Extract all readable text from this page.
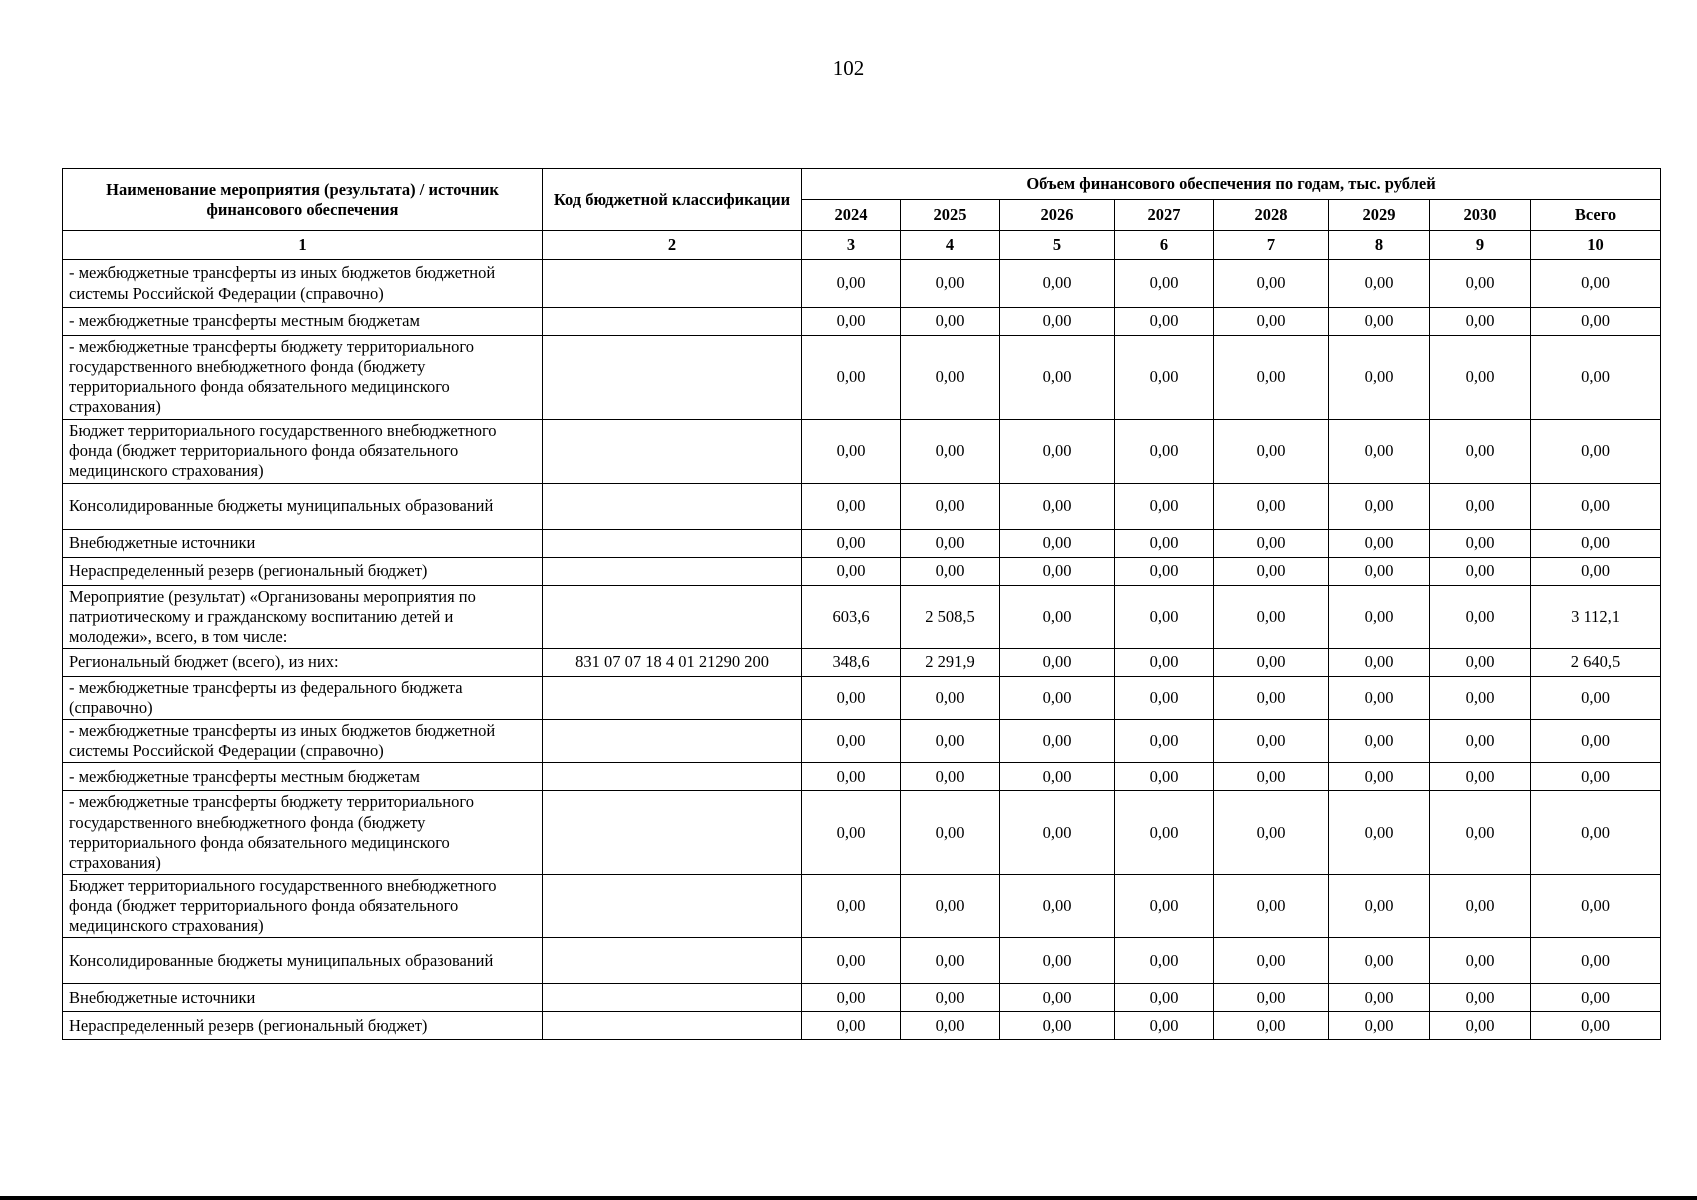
102
Наименование мероприятия (результата) / источник финансового обеспечения	Код бюджетной классификации	Объем финансового обеспечения по годам, тыс. рублей							
		2024	2025	2026	2027	2028	2029	2030	Всего
1	2	3	4	5	6	7	8	9	10
- межбюджетные трансферты из иных бюджетов бюджетной системы Российской Федерации (справочно)		0,00	0,00	0,00	0,00	0,00	0,00	0,00	0,00
- межбюджетные трансферты местным бюджетам		0,00	0,00	0,00	0,00	0,00	0,00	0,00	0,00
- межбюджетные трансферты бюджету территориального государственного внебюджетного фонда (бюджету территориального фонда обязательного медицинского страхования)		0,00	0,00	0,00	0,00	0,00	0,00	0,00	0,00
Бюджет территориального государственного внебюджетного фонда (бюджет территориального фонда обязательного медицинского страхования)		0,00	0,00	0,00	0,00	0,00	0,00	0,00	0,00
Консолидированные бюджеты муниципальных образований		0,00	0,00	0,00	0,00	0,00	0,00	0,00	0,00
Внебюджетные источники		0,00	0,00	0,00	0,00	0,00	0,00	0,00	0,00
Нераспределенный резерв (региональный бюджет)		0,00	0,00	0,00	0,00	0,00	0,00	0,00	0,00
Мероприятие (результат) «Организованы мероприятия по патриотическому и гражданскому воспитанию детей и молодежи», всего, в том числе:		603,6	2 508,5	0,00	0,00	0,00	0,00	0,00	3 112,1
Региональный бюджет (всего), из них:	831 07 07 18 4 01 21290 200	348,6	2 291,9	0,00	0,00	0,00	0,00	0,00	2 640,5
- межбюджетные трансферты из федерального бюджета (справочно)		0,00	0,00	0,00	0,00	0,00	0,00	0,00	0,00
- межбюджетные трансферты из иных бюджетов бюджетной системы Российской Федерации (справочно)		0,00	0,00	0,00	0,00	0,00	0,00	0,00	0,00
- межбюджетные трансферты местным бюджетам		0,00	0,00	0,00	0,00	0,00	0,00	0,00	0,00
- межбюджетные трансферты бюджету территориального государственного внебюджетного фонда (бюджету территориального фонда обязательного медицинского страхования)		0,00	0,00	0,00	0,00	0,00	0,00	0,00	0,00
Бюджет территориального государственного внебюджетного фонда (бюджет территориального фонда обязательного медицинского страхования)		0,00	0,00	0,00	0,00	0,00	0,00	0,00	0,00
Консолидированные бюджеты муниципальных образований		0,00	0,00	0,00	0,00	0,00	0,00	0,00	0,00
Внебюджетные источники		0,00	0,00	0,00	0,00	0,00	0,00	0,00	0,00
Нераспределенный резерв (региональный бюджет)		0,00	0,00	0,00	0,00	0,00	0,00	0,00	0,00
